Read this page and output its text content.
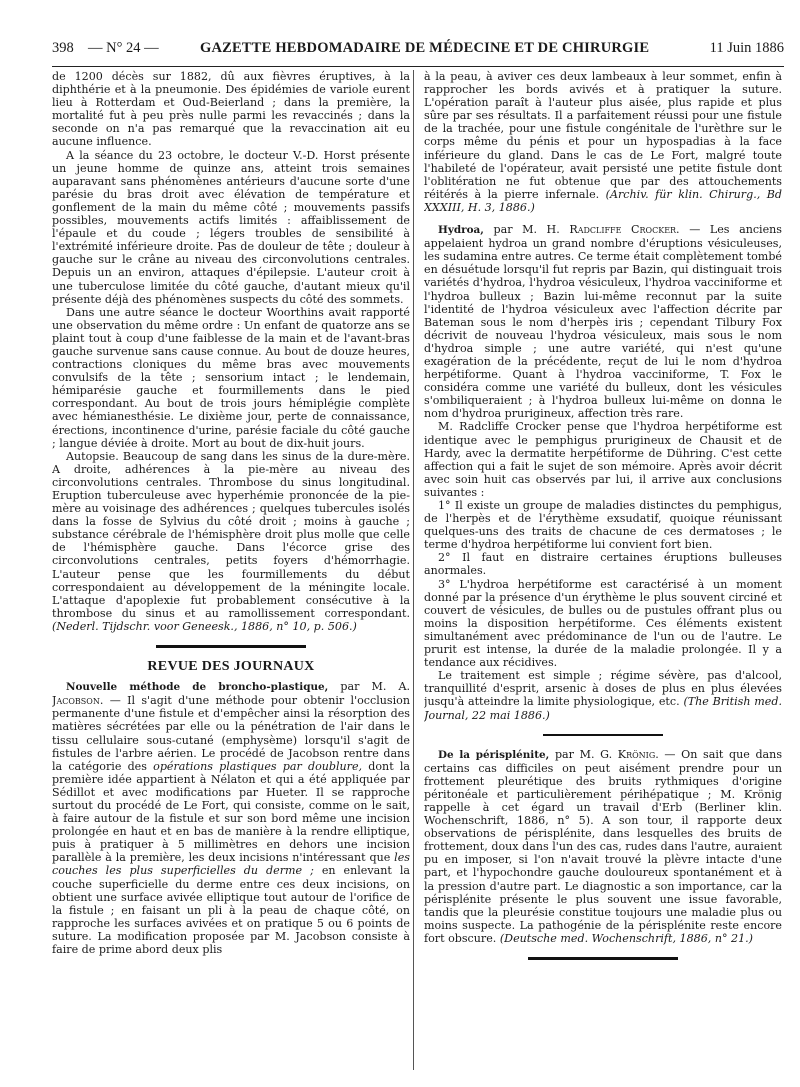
398 — N° 24 —	GAZETTE HEBDOMADAIRE DE MÉDECINE ET DE CHIRURGIE	11 Juin 1886

de 1200 décès sur 1882, dû aux fièvres éruptives, à la diphthérie et à la pneumonie. Des épidémies de variole eurent lieu à Rotterdam et Oud-Beierland ; dans la première, la mortalité fut à peu près nulle parmi les revaccinés ; dans la seconde on n'a pas remarqué que la revaccination ait eu aucune influence.

A la séance du 23 octobre, le docteur V.-D. Horst présente un jeune homme de quinze ans, atteint trois semaines auparavant sans phénomènes antérieurs d'aucune sorte d'une parésie du bras droit avec élévation de température et gonflement de la main du même côté ; mouvements passifs possibles, mouvements actifs limités : affaiblissement de l'épaule et du coude ; légers troubles de sensibilité à l'extrémité inférieure droite. Pas de douleur de tête ; douleur à gauche sur le crâne au niveau des circonvolutions centrales. Depuis un an environ, attaques d'épilepsie. L'auteur croit à une tuberculose limitée du côté gauche, d'autant mieux qu'il présente déjà des phénomènes suspects du côté des sommets.

Dans une autre séance le docteur Woorthins avait rapporté une observation du même ordre : Un enfant de quatorze ans se plaint tout à coup d'une faiblesse de la main et de l'avant-bras gauche survenue sans cause connue. Au bout de douze heures, contractions cloniques du même bras avec mouvements convulsifs de la tête ; sensorium intact ; le lendemain, hémiparésie gauche et fourmillements dans le pied correspondant. Au bout de trois jours hémiplégie complète avec hémianesthésie. Le dixième jour, perte de connaissance, érections, incontinence d'urine, parésie faciale du côté gauche ; langue déviée à droite. Mort au bout de dix-huit jours.

Autopsie. Beaucoup de sang dans les sinus de la dure-mère. A droite, adhérences à la pie-mère au niveau des circonvolutions centrales. Thrombose du sinus longitudinal. Eruption tuberculeuse avec hyperhémie prononcée de la pie-mère au voisinage des adhérences ; quelques tubercules isolés dans la fosse de Sylvius du côté droit ; moins à gauche ; substance cérébrale de l'hémisphère droit plus molle que celle de l'hémisphère gauche. Dans l'écorce grise des circonvolutions centrales, petits foyers d'hémorrhagie. L'auteur pense que les fourmillements du début correspondaient au développement de la méningite locale. L'attaque d'apoplexie fut probablement consécutive à la thrombose du sinus et au ramollissement correspondant. (Nederl. Tijdschr. voor Geneesk., 1886, n° 10, p. 506.)

REVUE DES JOURNAUX

Nouvelle méthode de broncho-plastique, par M. A. Jacobson. — Il s'agit d'une méthode pour obtenir l'occlusion permanente d'une fistule et d'empêcher ainsi la résorption des matières sécrétées par elle ou la pénétration de l'air dans le tissu cellulaire sous-cutané (emphysème) lorsqu'il s'agit de fistules de l'arbre aérien. Le procédé de Jacobson rentre dans la catégorie des opérations plastiques par doublure, dont la première idée appartient à Nélaton et qui a été appliquée par Sédillot et avec modifications par Hueter. Il se rapproche surtout du procédé de Le Fort, qui consiste, comme on le sait, à faire autour de la fistule et sur son bord même une incision prolongée en haut et en bas de manière à la rendre elliptique, puis à pratiquer à 5 millimètres en dehors une incision parallèle à la première, les deux incisions n'intéressant que les couches les plus superficielles du derme ; en enlevant la couche superficielle du derme entre ces deux incisions, on obtient une surface avivée elliptique tout autour de l'orifice de la fistule ; en faisant un pli à la peau de chaque côté, on rapproche les surfaces avivées et on pratique 5 ou 6 points de suture. La modification proposée par M. Jacobson consiste à faire de prime abord deux plis

à la peau, à aviver ces deux lambeaux à leur sommet, enfin à rapprocher les bords avivés et à pratiquer la suture. L'opération paraît à l'auteur plus aisée, plus rapide et plus sûre par ses résultats. Il a parfaitement réussi pour une fistule de la trachée, pour une fistule congénitale de l'urèthre sur le corps même du pénis et pour un hypospadias à la face inférieure du gland. Dans le cas de Le Fort, malgré toute l'habileté de l'opérateur, avait persisté une petite fistule dont l'oblitération ne fut obtenue que par des attouchements réitérés à la pierre infernale. (Archiv. für klin. Chirurg., Bd XXXIII, H. 3, 1886.)

Hydroa, par M. H. Radcliffe Crocker. — Les anciens appelaient hydroa un grand nombre d'éruptions vésiculeuses, les sudamina entre autres. Ce terme était complètement tombé en désuétude lorsqu'il fut repris par Bazin, qui distinguait trois variétés d'hydroa, l'hydroa vésiculeux, l'hydroa vacciniforme et l'hydroa bulleux ; Bazin lui-même reconnut par la suite l'identité de l'hydroa vésiculeux avec l'affection décrite par Bateman sous le nom d'herpès iris ; cependant Tilbury Fox décrivit de nouveau l'hydroa vésiculeux, mais sous le nom d'hydroa simple ; une autre variété, qui n'est qu'une exagération de la précédente, reçut de lui le nom d'hydroa herpétiforme. Quant à l'hydroa vacciniforme, T. Fox le considéra comme une variété du bulleux, dont les vésicules s'ombiliqueraient ; à l'hydroa bulleux lui-même on donna le nom d'hydroa prurigineux, affection très rare.

M. Radcliffe Crocker pense que l'hydroa herpétiforme est identique avec le pemphigus prurigineux de Chausit et de Hardy, avec la dermatite herpétiforme de Dühring. C'est cette affection qui a fait le sujet de son mémoire. Après avoir décrit avec soin huit cas observés par lui, il arrive aux conclusions suivantes :

1° Il existe un groupe de maladies distinctes du pemphigus, de l'herpès et de l'érythème exsudatif, quoique réunissant quelques-uns des traits de chacune de ces dermatoses ; le terme d'hydroa herpétiforme lui convient fort bien.

2° Il faut en distraire certaines éruptions bulleuses anormales.

3° L'hydroa herpétiforme est caractérisé à un moment donné par la présence d'un érythème le plus souvent circiné et couvert de vésicules, de bulles ou de pustules offrant plus ou moins la disposition herpétiforme. Ces éléments existent simultanément avec prédominance de l'un ou de l'autre. Le prurit est intense, la durée de la maladie prolongée. Il y a tendance aux récidives.

Le traitement est simple ; régime sévère, pas d'alcool, tranquillité d'esprit, arsenic à doses de plus en plus élevées jusqu'à atteindre la limite physiologique, etc. (The British med. Journal, 22 mai 1886.)

De la périsplénite, par M. G. Krönig. — On sait que dans certains cas difficiles on peut aisément prendre pour un frottement pleurétique des bruits rythmiques d'origine péritonéale et particulièrement périhépatique ; M. Krönig rappelle à cet égard un travail d'Erb (Berliner klin. Wochenschrift, 1886, n° 5). A son tour, il rapporte deux observations de périsplénite, dans lesquelles des bruits de frottement, doux dans l'un des cas, rudes dans l'autre, auraient pu en imposer, si l'on n'avait trouvé la plèvre intacte d'une part, et l'hypochondre gauche douloureux spontanément et à la pression d'autre part. Le diagnostic a son importance, car la périsplénite présente le plus souvent une issue favorable, tandis que la pleurésie constitue toujours une maladie plus ou moins suspecte. La pathogénie de la périsplénite reste encore fort obscure. (Deutsche med. Wochenschrift, 1886, n° 21.)
